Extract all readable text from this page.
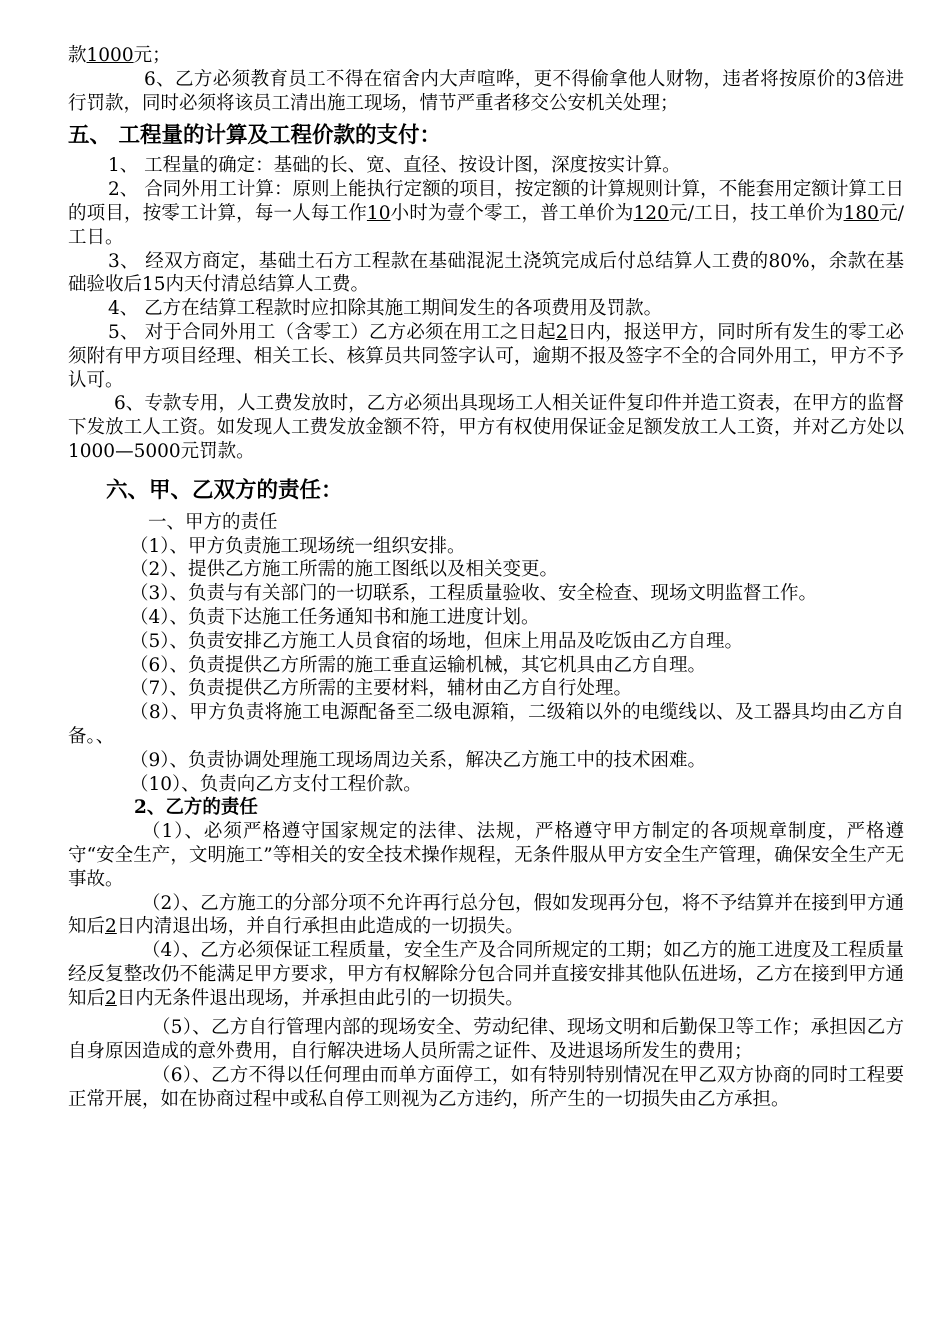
款1000元；

6、乙方必须教育员工不得在宿舍内大声喧哗，更不得偷拿他人财物，违者将按原价的3倍进行罚款，同时必须将该员工清出施工现场，情节严重者移交公安机关处理；

五、 工程量的计算及工程价款的支付：

1、 工程量的确定：基础的长、宽、直径、按设计图，深度按实计算。

2、 合同外用工计算：原则上能执行定额的项目，按定额的计算规则计算，不能套用定额计算工日的项目，按零工计算，每一人每工作10小时为壹个零工，普工单价为120元/工日，技工单价为180元/工日。

3、 经双方商定，基础土石方工程款在基础混泥土浇筑完成后付总结算人工费的80%，余款在基础验收后15内天付清总结算人工费。

4、 乙方在结算工程款时应扣除其施工期间发生的各项费用及罚款。

5、 对于合同外用工（含零工）乙方必须在用工之日起2日内，报送甲方，同时所有发生的零工必须附有甲方项目经理、相关工长、核算员共同签字认可，逾期不报及签字不全的合同外用工，甲方不予认可。

6、专款专用，人工费发放时，乙方必须出具现场工人相关证件复印件并造工资表，在甲方的监督下发放工人工资。如发现人工费发放金额不符，甲方有权使用保证金足额发放工人工资，并对乙方处以1000—5000元罚款。

六、甲、乙双方的责任：

一、甲方的责任

（1）、甲方负责施工现场统一组织安排。

（2）、提供乙方施工所需的施工图纸以及相关变更。

（3）、负责与有关部门的一切联系，工程质量验收、安全检查、现场文明监督工作。

（4）、负责下达施工任务通知书和施工进度计划。

（5）、负责安排乙方施工人员食宿的场地，但床上用品及吃饭由乙方自理。

（6）、负责提供乙方所需的施工垂直运输机械，其它机具由乙方自理。

（7）、负责提供乙方所需的主要材料，辅材由乙方自行处理。

（8）、甲方负责将施工电源配备至二级电源箱，二级箱以外的电缆线以、及工器具均由乙方自备。、

（9）、负责协调处理施工现场周边关系，解决乙方施工中的技术困难。

（10）、负责向乙方支付工程价款。

2、乙方的责任

（1）、必须严格遵守国家规定的法律、法规，严格遵守甲方制定的各项规章制度，严格遵守“安全生产，文明施工”等相关的安全技术操作规程，无条件服从甲方安全生产管理，确保安全生产无事故。

（2）、乙方施工的分部分项不允许再行总分包，假如发现再分包，将不予结算并在接到甲方通知后2日内清退出场，并自行承担由此造成的一切损失。

（4）、乙方必须保证工程质量，安全生产及合同所规定的工期；如乙方的施工进度及工程质量经反复整改仍不能满足甲方要求，甲方有权解除分包合同并直接安排其他队伍进场，乙方在接到甲方通知后2日内无条件退出现场，并承担由此引的一切损失。

（5）、乙方自行管理内部的现场安全、劳动纪律、现场文明和后勤保卫等工作；承担因乙方自身原因造成的意外费用，自行解决进场人员所需之证件、及进退场所发生的费用；

（6）、乙方不得以任何理由而单方面停工，如有特别特别情况在甲乙双方协商的同时工程要正常开展，如在协商过程中或私自停工则视为乙方违约，所产生的一切损失由乙方承担。
